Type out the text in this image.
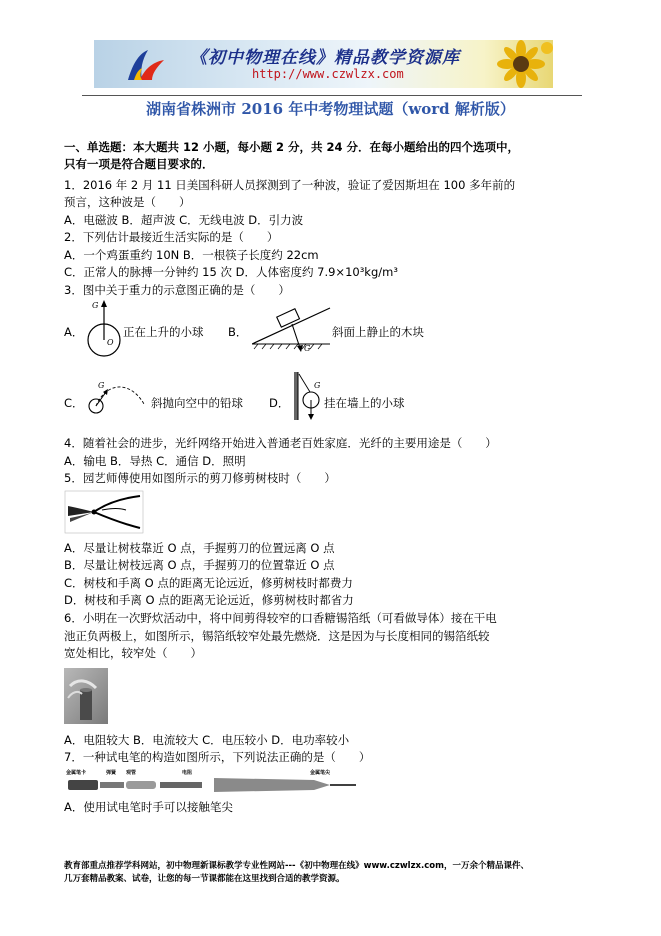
《初中物理在线》精品教学资源库
http://www.czwlzx.com
湖南省株洲市 2016 年中考物理试题（word 解析版）
一、单选题：本大题共 12 小题，每小题 2 分，共 24 分．在每小题给出的四个选项中，
只有一项是符合题目要求的．
1．2016 年 2 月 11 日美国科研人员探测到了一种波，验证了爱因斯坦在 100 多年前的
预言，这种波是（　　）
A．电磁波 B．超声波 C．无线电波 D．引力波
2．下列估计最接近生活实际的是（　　）
A．一个鸡蛋重约 10N B．一根筷子长度约 22cm
C．正常人的脉搏一分钟约 15 次 D．人体密度约 7.9×10³kg/m³
3．图中关于重力的示意图正确的是（　　）
A．
G
O
正在上升的小球 B．
G
斜面上静止的木块
C．
G
斜抛向空中的铅球 D．
G
挂在墙上的小球
4．随着社会的进步，光纤网络开始进入普通老百姓家庭．光纤的主要用途是（　　）
A．输电 B．导热 C．通信 D．照明
5．园艺师傅使用如图所示的剪刀修剪树枝时（　　）
A．尽量让树枝靠近 O 点，手握剪刀的位置远离 O 点
B．尽量让树枝远离 O 点，手握剪刀的位置靠近 O 点
C．树枝和手离 O 点的距离无论远近，修剪树枝时都费力
D．树枝和手离 O 点的距离无论远近，修剪树枝时都省力
6．小明在一次野炊活动中，将中间剪得较窄的口香糖锡箔纸（可看做导体）接在干电
池正负两极上，如图所示，锡箔纸较窄处最先燃烧．这是因为与长度相同的锡箔纸较
宽处相比，较窄处（　　）
A．电阻较大 B．电流较大 C．电压较小 D．电功率较小
7．一种试电笔的构造如图所示，下列说法正确的是（　　）
金属笔卡	弹簧 观管	电阻	金属笔尖
A．使用试电笔时手可以接触笔尖
教育部重点推荐学科网站，初中物理新课标教学专业性网站---《初中物理在线》www.czwlzx.com，一万余个精品课件、
几万套精品教案、试卷，让您的每一节课都能在这里找到合适的教学资源。
